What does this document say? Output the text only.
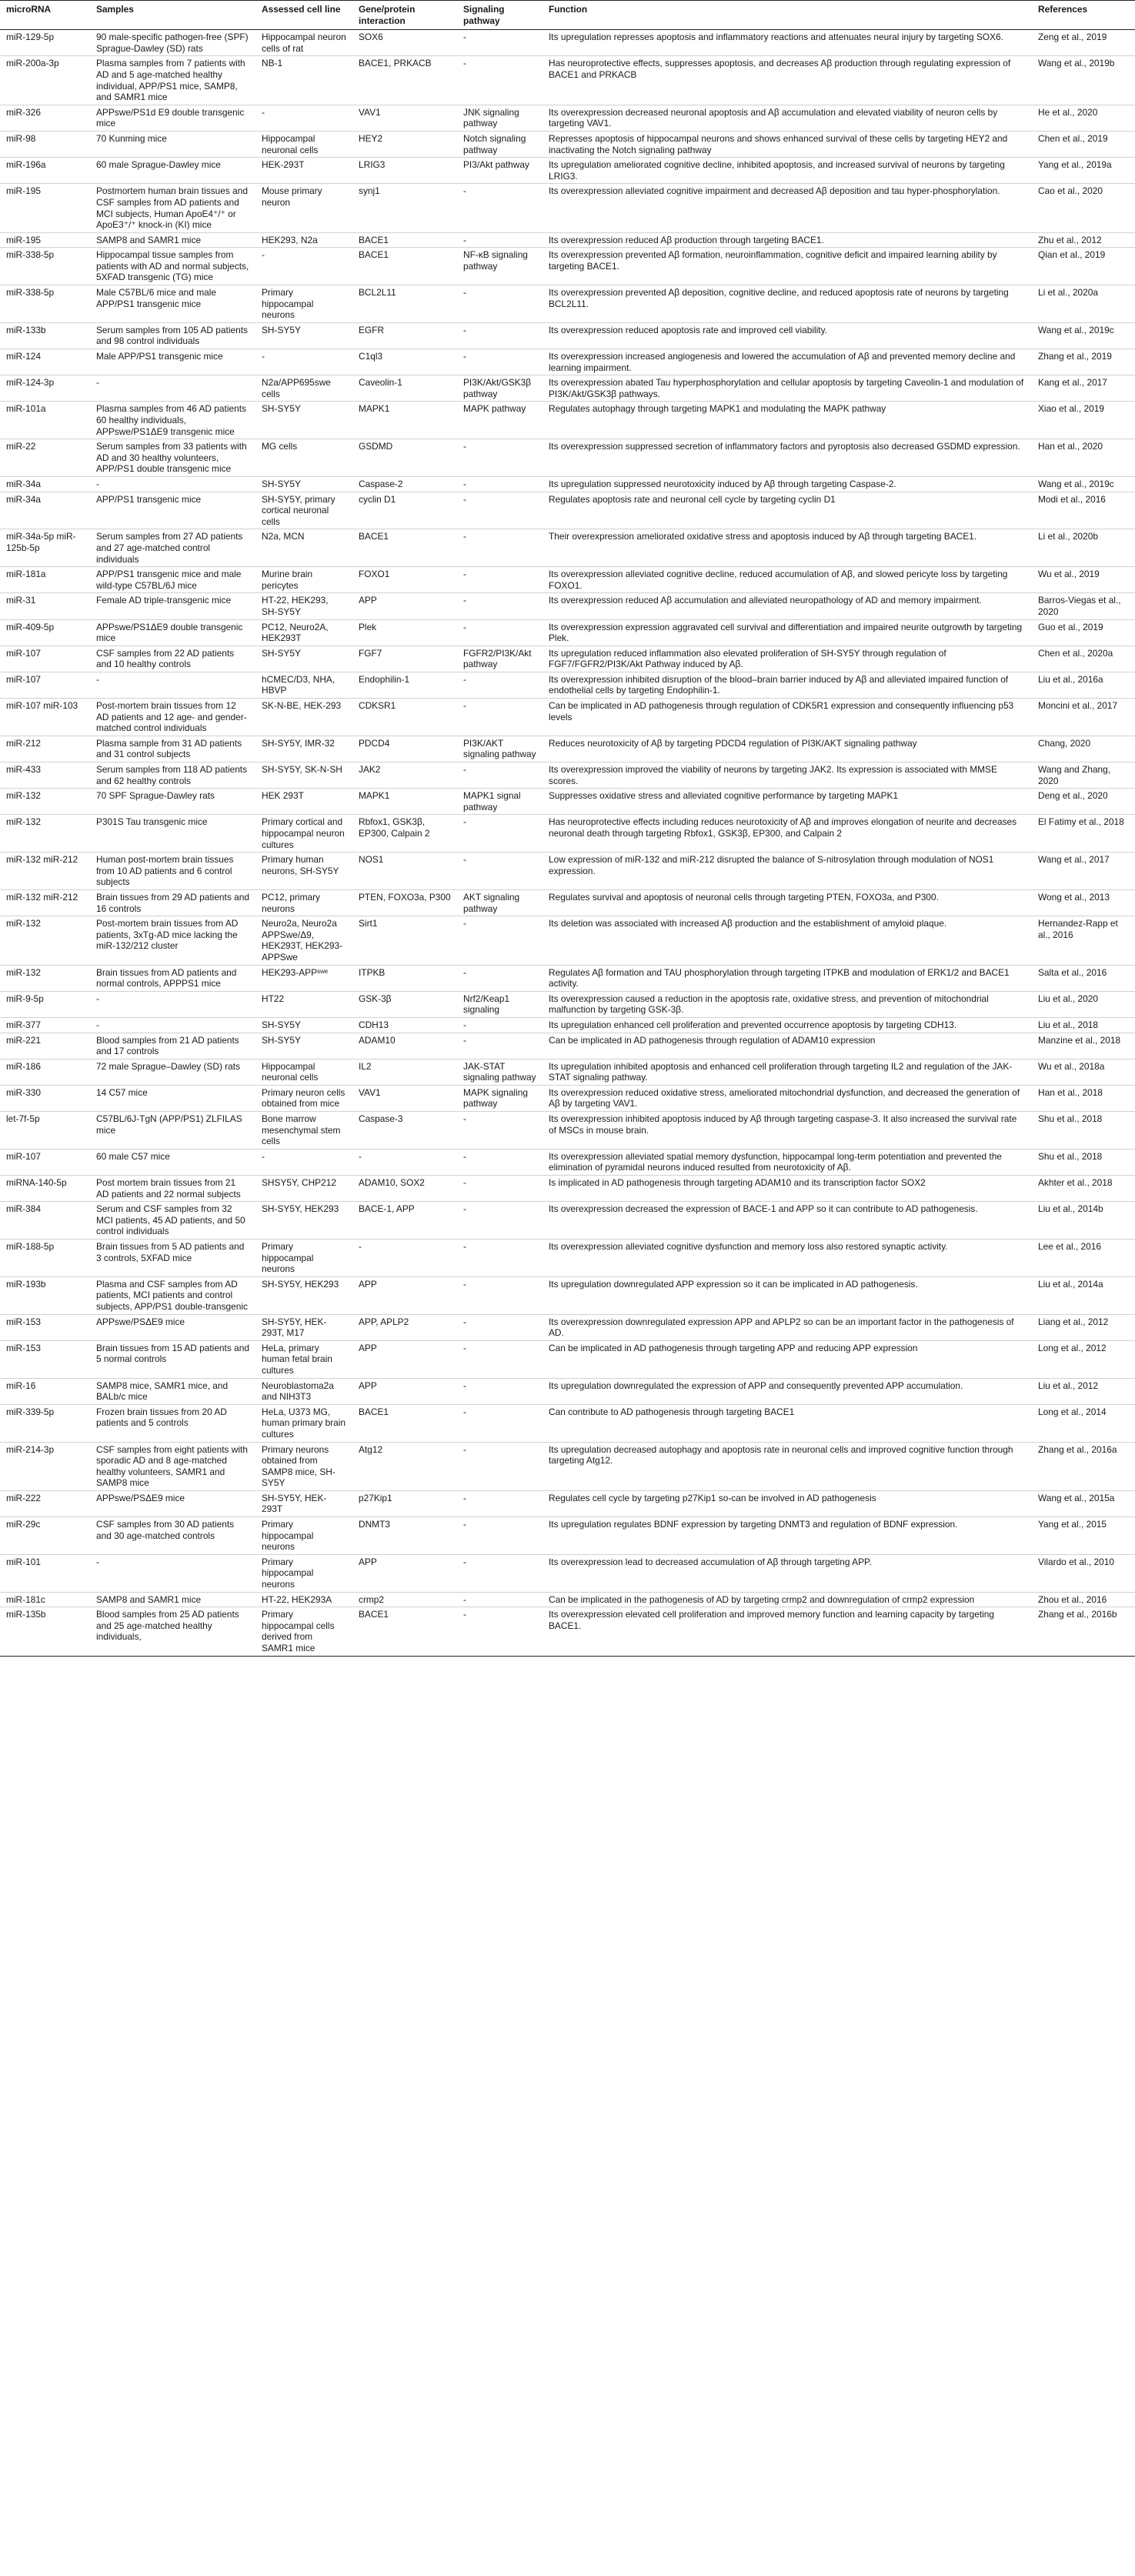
microRNA	Samples	Assessed cell line	Gene/protein interaction	Signaling pathway	Function	References
miR-129-5p	90 male-specific pathogen-free (SPF) Sprague-Dawley (SD) rats	Hippocampal neuron cells of rat	SOX6	-	Its upregulation represses apoptosis and inflammatory reactions and attenuates neural injury by targeting SOX6.	Zeng et al., 2019
miR-200a-3p	Plasma samples from 7 patients with AD and 5 age-matched healthy individual, APP/PS1 mice, SAMP8, and SAMR1 mice	NB-1	BACE1, PRKACB	-	Has neuroprotective effects, suppresses apoptosis, and decreases Aβ production through regulating expression of BACE1 and PRKACB	Wang et al., 2019b
miR-326	APPswe/PS1d E9 double transgenic mice	-	VAV1	JNK signaling pathway	Its overexpression decreased neuronal apoptosis and Aβ accumulation and elevated viability of neuron cells by targeting VAV1.	He et al., 2020
miR-98	70 Kunming mice	Hippocampal neuronal cells	HEY2	Notch signaling pathway	Represses apoptosis of hippocampal neurons and shows enhanced survival of these cells by targeting HEY2 and inactivating the Notch signaling pathway	Chen et al., 2019
miR-196a	60 male Sprague-Dawley mice	HEK-293T	LRIG3	PI3/Akt pathway	Its upregulation ameliorated cognitive decline, inhibited apoptosis, and increased survival of neurons by targeting LRIG3.	Yang et al., 2019a
miR-195	Postmortem human brain tissues and CSF samples from AD patients and MCI subjects, Human ApoE4⁺/⁺ or ApoE3⁺/⁺ knock-in (KI) mice	Mouse primary neuron	synj1	-	Its overexpression alleviated cognitive impairment and decreased Aβ deposition and tau hyper-phosphorylation.	Cao et al., 2020
miR-195	SAMP8 and SAMR1 mice	HEK293, N2a	BACE1	-	Its overexpression reduced Aβ production through targeting BACE1.	Zhu et al., 2012
miR-338-5p	Hippocampal tissue samples from patients with AD and normal subjects, 5XFAD transgenic (TG) mice	-	BACE1	NF-κB signaling pathway	Its overexpression prevented Aβ formation, neuroinflammation, cognitive deficit and impaired learning ability by targeting BACE1.	Qian et al., 2019
miR-338-5p	Male C57BL/6 mice and male APP/PS1 transgenic mice	Primary hippocampal neurons	BCL2L11	-	Its overexpression prevented Aβ deposition, cognitive decline, and reduced apoptosis rate of neurons by targeting BCL2L11.	Li et al., 2020a
miR-133b	Serum samples from 105 AD patients and 98 control individuals	SH-SY5Y	EGFR	-	Its overexpression reduced apoptosis rate and improved cell viability.	Wang et al., 2019c
miR-124	Male APP/PS1 transgenic mice	-	C1ql3	-	Its overexpression increased angiogenesis and lowered the accumulation of Aβ and prevented memory decline and learning impairment.	Zhang et al., 2019
miR-124-3p	-	N2a/APP695swe cells	Caveolin-1	PI3K/Akt/GSK3β pathway	Its overexpression abated Tau hyperphosphorylation and cellular apoptosis by targeting Caveolin-1 and modulation of PI3K/Akt/GSK3β pathways.	Kang et al., 2017
miR-101a	Plasma samples from 46 AD patients 60 healthy individuals, APPswe/PS1ΔE9 transgenic mice	SH-SY5Y	MAPK1	MAPK pathway	Regulates autophagy through targeting MAPK1 and modulating the MAPK pathway	Xiao et al., 2019
miR-22	Serum samples from 33 patients with AD and 30 healthy volunteers, APP/PS1 double transgenic mice	MG cells	GSDMD	-	Its overexpression suppressed secretion of inflammatory factors and pyroptosis also decreased GSDMD expression.	Han et al., 2020
miR-34a	-	SH-SY5Y	Caspase-2	-	Its upregulation suppressed neurotoxicity induced by Aβ through targeting Caspase-2.	Wang et al., 2019c
miR-34a	APP/PS1 transgenic mice	SH-SY5Y, primary cortical neuronal cells	cyclin D1	-	Regulates apoptosis rate and neuronal cell cycle by targeting cyclin D1	Modi et al., 2016
miR-34a-5p miR-125b-5p	Serum samples from 27 AD patients and 27 age-matched control individuals	N2a, MCN	BACE1	-	Their overexpression ameliorated oxidative stress and apoptosis induced by Aβ through targeting BACE1.	Li et al., 2020b
miR-181a	APP/PS1 transgenic mice and male wild-type C57BL/6J mice	Murine brain pericytes	FOXO1	-	Its overexpression alleviated cognitive decline, reduced accumulation of Aβ, and slowed pericyte loss by targeting FOXO1.	Wu et al., 2019
miR-31	Female AD triple-transgenic mice	HT-22, HEK293, SH-SY5Y	APP	-	Its overexpression reduced Aβ accumulation and alleviated neuropathology of AD and memory impairment.	Barros-Viegas et al., 2020
miR-409-5p	APPswe/PS1ΔE9 double transgenic mice	PC12, Neuro2A, HEK293T	Plek	-	Its overexpression expression aggravated cell survival and differentiation and impaired neurite outgrowth by targeting Plek.	Guo et al., 2019
miR-107	CSF samples from 22 AD patients and 10 healthy controls	SH-SY5Y	FGF7	FGFR2/PI3K/Akt pathway	Its upregulation reduced inflammation also elevated proliferation of SH-SY5Y through regulation of FGF7/FGFR2/PI3K/Akt Pathway induced by Aβ.	Chen et al., 2020a
miR-107	-	hCMEC/D3, NHA, HBVP	Endophilin-1	-	Its overexpression inhibited disruption of the blood–brain barrier induced by Aβ and alleviated impaired function of endothelial cells by targeting Endophilin-1.	Liu et al., 2016a
miR-107 miR-103	Post-mortem brain tissues from 12 AD patients and 12 age- and gender-matched control individuals	SK-N-BE, HEK-293	CDKSR1	-	Can be implicated in AD pathogenesis through regulation of CDK5R1 expression and consequently influencing p53 levels	Moncini et al., 2017
miR-212	Plasma sample from 31 AD patients and 31 control subjects	SH-SY5Y, IMR-32	PDCD4	PI3K/AKT signaling pathway	Reduces neurotoxicity of Aβ by targeting PDCD4 regulation of PI3K/AKT signaling pathway	Chang, 2020
miR-433	Serum samples from 118 AD patients and 62 healthy controls	SH-SY5Y, SK-N-SH	JAK2	-	Its overexpression improved the viability of neurons by targeting JAK2. Its expression is associated with MMSE scores.	Wang and Zhang, 2020
miR-132	70 SPF Sprague-Dawley rats	HEK 293T	MAPK1	MAPK1 signal pathway	Suppresses oxidative stress and alleviated cognitive performance by targeting MAPK1	Deng et al., 2020
miR-132	P301S Tau transgenic mice	Primary cortical and hippocampal neuron cultures	Rbfox1, GSK3β, EP300, Calpain 2	-	Has neuroprotective effects including reduces neurotoxicity of Aβ and improves elongation of neurite and decreases neuronal death through targeting Rbfox1, GSK3β, EP300, and Calpain 2	El Fatimy et al., 2018
miR-132 miR-212	Human post-mortem brain tissues from 10 AD patients and 6 control subjects	Primary human neurons, SH-SY5Y	NOS1	-	Low expression of miR-132 and miR-212 disrupted the balance of S-nitrosylation through modulation of NOS1 expression.	Wang et al., 2017
miR-132 miR-212	Brain tissues from 29 AD patients and 16 controls	PC12, primary neurons	PTEN, FOXO3a, P300	AKT signaling pathway	Regulates survival and apoptosis of neuronal cells through targeting PTEN, FOXO3a, and P300.	Wong et al., 2013
miR-132	Post-mortem brain tissues from AD patients, 3xTg-AD mice lacking the miR-132/212 cluster	Neuro2a, Neuro2a APPSwe/Δ9, HEK293T, HEK293-APPSwe	Sirt1	-	Its deletion was associated with increased Aβ production and the establishment of amyloid plaque.	Hernandez-Rapp et al., 2016
miR-132	Brain tissues from AD patients and normal controls, APPPS1 mice	HEK293-APPˢʷᵉ	ITPKB	-	Regulates Aβ formation and TAU phosphorylation through targeting ITPKB and modulation of ERK1/2 and BACE1 activity.	Salta et al., 2016
miR-9-5p	-	HT22	GSK-3β	Nrf2/Keap1 signaling	Its overexpression caused a reduction in the apoptosis rate, oxidative stress, and prevention of mitochondrial malfunction by targeting GSK-3β.	Liu et al., 2020
miR-377	-	SH-SY5Y	CDH13	-	Its upregulation enhanced cell proliferation and prevented occurrence apoptosis by targeting CDH13.	Liu et al., 2018
miR-221	Blood samples from 21 AD patients and 17 controls	SH-SY5Y	ADAM10	-	Can be implicated in AD pathogenesis through regulation of ADAM10 expression	Manzine et al., 2018
miR-186	72 male Sprague–Dawley (SD) rats	Hippocampal neuronal cells	IL2	JAK-STAT signaling pathway	Its upregulation inhibited apoptosis and enhanced cell proliferation through targeting IL2 and regulation of the JAK-STAT signaling pathway.	Wu et al., 2018a
miR-330	14 C57 mice	Primary neuron cells obtained from mice	VAV1	MAPK signaling pathway	Its overexpression reduced oxidative stress, ameliorated mitochondrial dysfunction, and decreased the generation of Aβ by targeting VAV1.	Han et al., 2018
let-7f-5p	C57BL/6J-TgN (APP/PS1) ZLFILAS mice	Bone marrow mesenchymal stem cells	Caspase-3	-	Its overexpression inhibited apoptosis induced by Aβ through targeting caspase-3. It also increased the survival rate of MSCs in mouse brain.	Shu et al., 2018
miR-107	60 male C57 mice	-	-	-	Its overexpression alleviated spatial memory dysfunction, hippocampal long-term potentiation and prevented the elimination of pyramidal neurons induced resulted from neurotoxicity of Aβ.	Shu et al., 2018
miRNA-140-5p	Post mortem brain tissues from 21 AD patients and 22 normal subjects	SHSY5Y, CHP212	ADAM10, SOX2	-	Is implicated in AD pathogenesis through targeting ADAM10 and its transcription factor SOX2	Akhter et al., 2018
miR-384	Serum and CSF samples from 32 MCI patients, 45 AD patients, and 50 control individuals	SH-SY5Y, HEK293	BACE-1, APP	-	Its overexpression decreased the expression of BACE-1 and APP so it can contribute to AD pathogenesis.	Liu et al., 2014b
miR-188-5p	Brain tissues from 5 AD patients and 3 controls, 5XFAD mice	Primary hippocampal neurons	-	-	Its overexpression alleviated cognitive dysfunction and memory loss also restored synaptic activity.	Lee et al., 2016
miR-193b	Plasma and CSF samples from AD patients, MCI patients and control subjects, APP/PS1 double-transgenic	SH-SY5Y, HEK293	APP	-	Its upregulation downregulated APP expression so it can be implicated in AD pathogenesis.	Liu et al., 2014a
miR-153	APPswe/PSΔE9 mice	SH-SY5Y, HEK-293T, M17	APP, APLP2	-	Its overexpression downregulated expression APP and APLP2 so can be an important factor in the pathogenesis of AD.	Liang et al., 2012
miR-153	Brain tissues from 15 AD patients and 5 normal controls	HeLa, primary human fetal brain cultures	APP	-	Can be implicated in AD pathogenesis through targeting APP and reducing APP expression	Long et al., 2012
miR-16	SAMP8 mice, SAMR1 mice, and BALb/c mice	Neuroblastoma2a and NIH3T3	APP	-	Its upregulation downregulated the expression of APP and consequently prevented APP accumulation.	Liu et al., 2012
miR-339-5p	Frozen brain tissues from 20 AD patients and 5 controls	HeLa, U373 MG, human primary brain cultures	BACE1	-	Can contribute to AD pathogenesis through targeting BACE1	Long et al., 2014
miR-214-3p	CSF samples from eight patients with sporadic AD and 8 age-matched healthy volunteers, SAMR1 and SAMP8 mice	Primary neurons obtained from SAMP8 mice, SH-SY5Y	Atg12	-	Its upregulation decreased autophagy and apoptosis rate in neuronal cells and improved cognitive function through targeting Atg12.	Zhang et al., 2016a
miR-222	APPswe/PSΔE9 mice	SH-SY5Y, HEK-293T	p27Kip1	-	Regulates cell cycle by targeting p27Kip1 so-can be involved in AD pathogenesis	Wang et al., 2015a
miR-29c	CSF samples from 30 AD patients and 30 age-matched controls	Primary hippocampal neurons	DNMT3	-	Its upregulation regulates BDNF expression by targeting DNMT3 and regulation of BDNF expression.	Yang et al., 2015
miR-101	-	Primary hippocampal neurons	APP	-	Its overexpression lead to decreased accumulation of Aβ through targeting APP.	Vilardo et al., 2010
miR-181c	SAMP8 and SAMR1 mice	HT-22, HEK293A	crmp2	-	Can be implicated in the pathogenesis of AD by targeting crmp2 and downregulation of crmp2 expression	Zhou et al., 2016
miR-135b	Blood samples from 25 AD patients and 25 age-matched healthy individuals,	Primary hippocampal cells derived from SAMR1 mice	BACE1	-	Its overexpression elevated cell proliferation and improved memory function and learning capacity by targeting BACE1.	Zhang et al., 2016b
